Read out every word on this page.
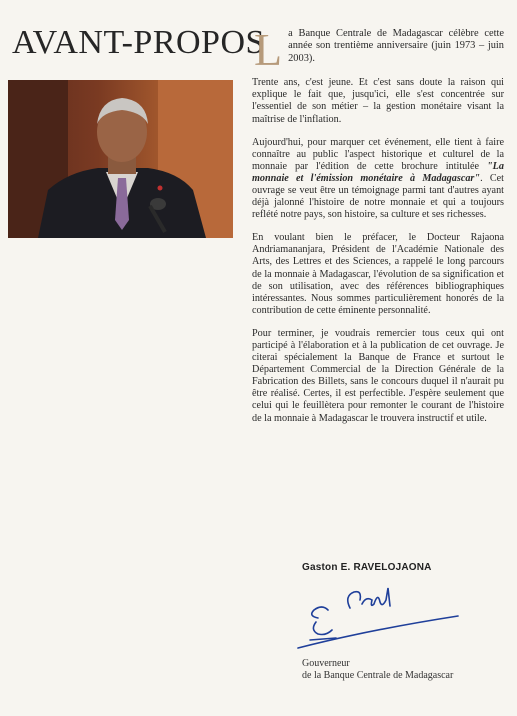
AVANT-PROPOS
L a Banque Centrale de Madagascar célèbre cette année son trentième anniversaire (juin 1973 – juin 2003).

Trente ans, c'est jeune. Et c'est sans doute la raison qui explique le fait que, jusqu'ici, elle s'est concentrée sur l'essentiel de son métier – la gestion monétaire visant la maîtrise de l'inflation.

Aujourd'hui, pour marquer cet événement, elle tient à faire connaître au public l'aspect historique et culturel de la monnaie par l'édition de cette brochure intitulée "La monnaie et l'émission monétaire à Madagascar". Cet ouvrage se veut être un témoignage parmi tant d'autres ayant déjà jalonné l'histoire de notre monnaie et qui a toujours reflété notre pays, son histoire, sa culture et ses richesses.

En voulant bien le préfacer, le Docteur Rajaona Andriamananjara, Président de l'Académie Nationale des Arts, des Lettres et des Sciences, a rappelé le long parcours de la monnaie à Madagascar, l'évolution de sa signification et de son utilisation, avec des références bibliographiques intéressantes. Nous sommes particulièrement honorés de la contribution de cette éminente personnalité.

Pour terminer, je voudrais remercier tous ceux qui ont participé à l'élaboration et à la publication de cet ouvrage. Je citerai spécialement la Banque de France et surtout le Département Commercial de la Direction Générale de la Fabrication des Billets, sans le concours duquel il n'aurait pu être réalisé. Certes, il est perfectible. J'espère seulement que celui qui le feuillètera pour remonter le courant de l'histoire de la monnaie à Madagascar le trouvera instructif et utile.

Gaston E. RAVELOJAONA
Gouverneur
de la Banque Centrale de Madagascar
